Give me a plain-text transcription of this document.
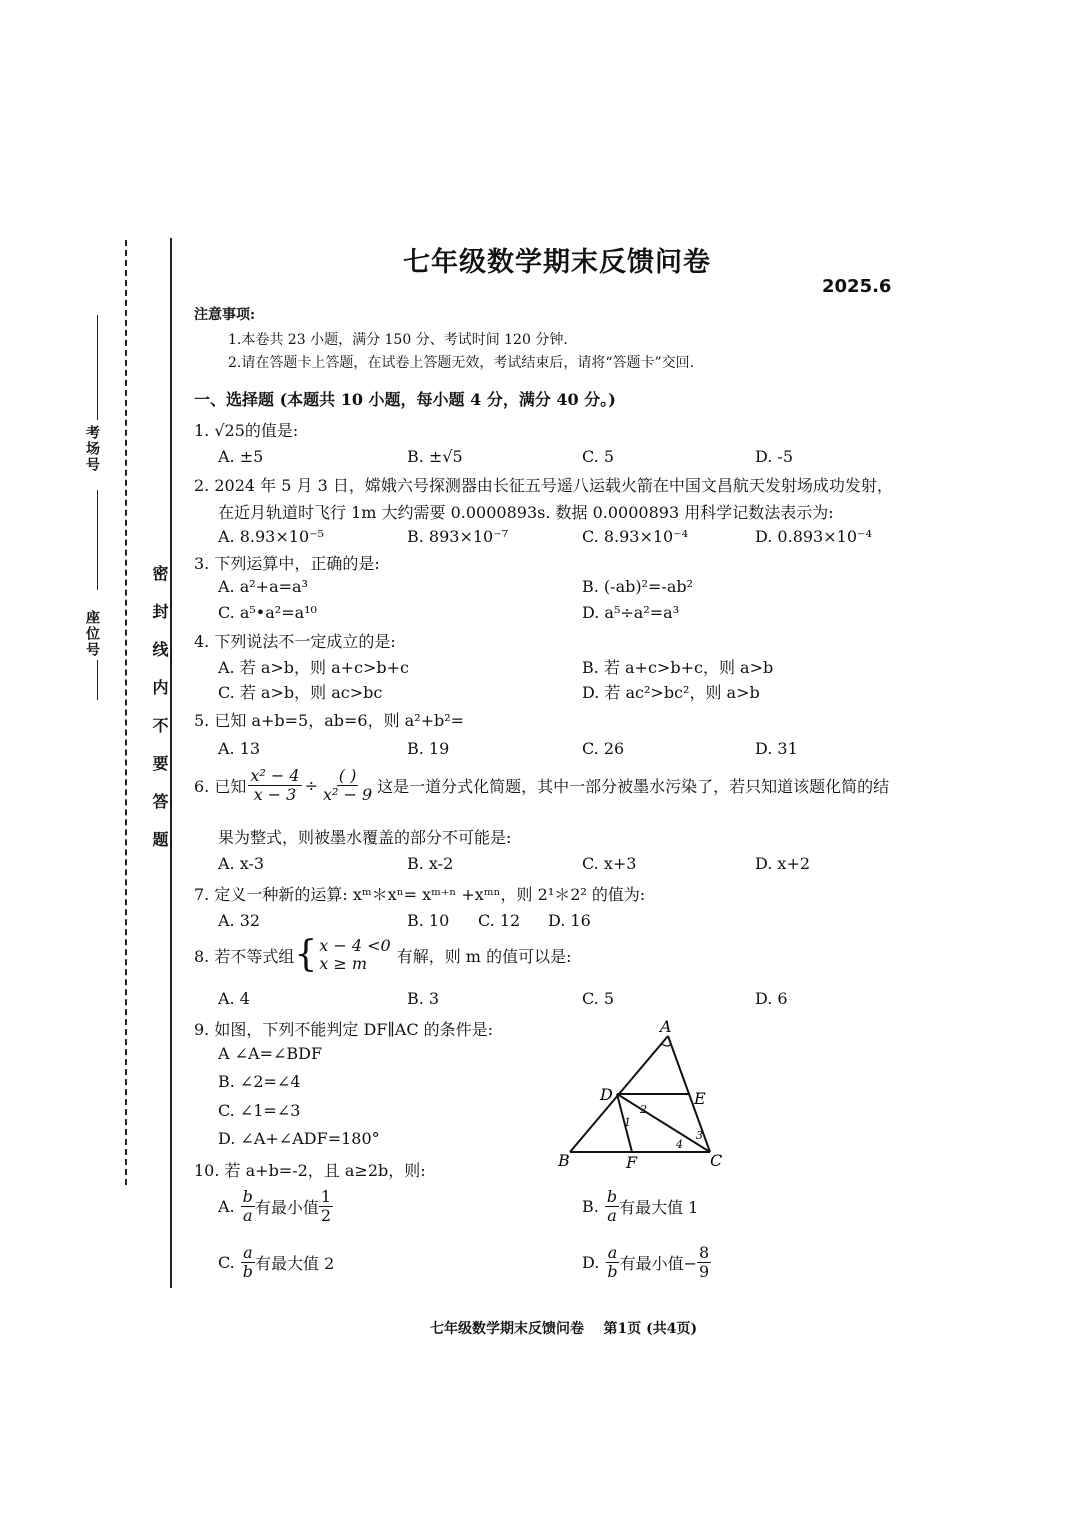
考场号
座位号	密封线内不要答题
七年级数学期末反馈问卷
2025.6
注意事项:
1.本卷共 23 小题，满分 150 分、考试时间 120 分钟.
2.请在答题卡上答题，在试卷上答题无效，考试结束后，请将“答题卡”交回.
一、选择题 (本题共 10 小题，每小题 4 分，满分 40 分。)
1. √25的值是:
A. ±5	B. ±√5	C. 5	D. -5
2. 2024 年 5 月 3 日，嫦娥六号探测器由长征五号遥八运载火箭在中国文昌航天发射场成功发射，
在近月轨道时飞行 1m 大约需要 0.0000893s. 数据 0.0000893 用科学记数法表示为:
A. 8.93×10⁻⁵	B. 893×10⁻⁷	C. 8.93×10⁻⁴	D. 0.893×10⁻⁴
3. 下列运算中，正确的是:
A. a²+a=a³	B. (-ab)²=-ab²
C. a⁵•a²=a¹⁰	D. a⁵÷a²=a³
4. 下列说法不一定成立的是:
A. 若 a>b，则 a+c>b+c	B. 若 a+c>b+c，则 a>b
C. 若 a>b，则 ac>bc	D. 若 ac²>bc²，则 a>b
5. 已知 a+b=5，ab=6，则 a²+b²=
A. 13	B. 19	C. 26	D. 31
6. 已知 $\frac{\text{x² − 4}}{x - 3} \div \frac{( )}{\text{x² − 9}}$ 这是一道分式化简题，其中一部分被墨水污染了，若只知道该题化简的结
果为整式，则被墨水覆盖的部分不可能是:
A. x-3	B. x-2	C. x+3	D. x+2
7. 定义一种新的运算: xᵐ＊xⁿ= xᵐ⁺ⁿ +xᵐⁿ，则 2¹＊2² 的值为:
A. 32	B. 10 C. 12 D. 16
8. 若不等式组 { x − 4 <0
x ≥ m	有解，则 m 的值可以是:
A. 4	B. 3	C. 5	D. 6
9. 如图，下列不能判定 DF∥AC 的条件是:
A ∠A=∠BDF
B. ∠2=∠4
C. ∠1=∠3
D. ∠A+∠ADF=180°
A
B	C
D	E
F
1
2
3
4
10. 若 a+b=-2，且 a≥2b，则:
A. $\frac{b}{a}$ 有最小值 $\frac{1}{2}$	B. $\frac{b}{a}$ 有最大值 1
C. $\frac{a}{b}$ 有最大值 2	D. $\frac{a}{b}$ 有最小值− $\frac{8}{9}$
七年级数学期末反馈问卷    第1页 (共4页)
